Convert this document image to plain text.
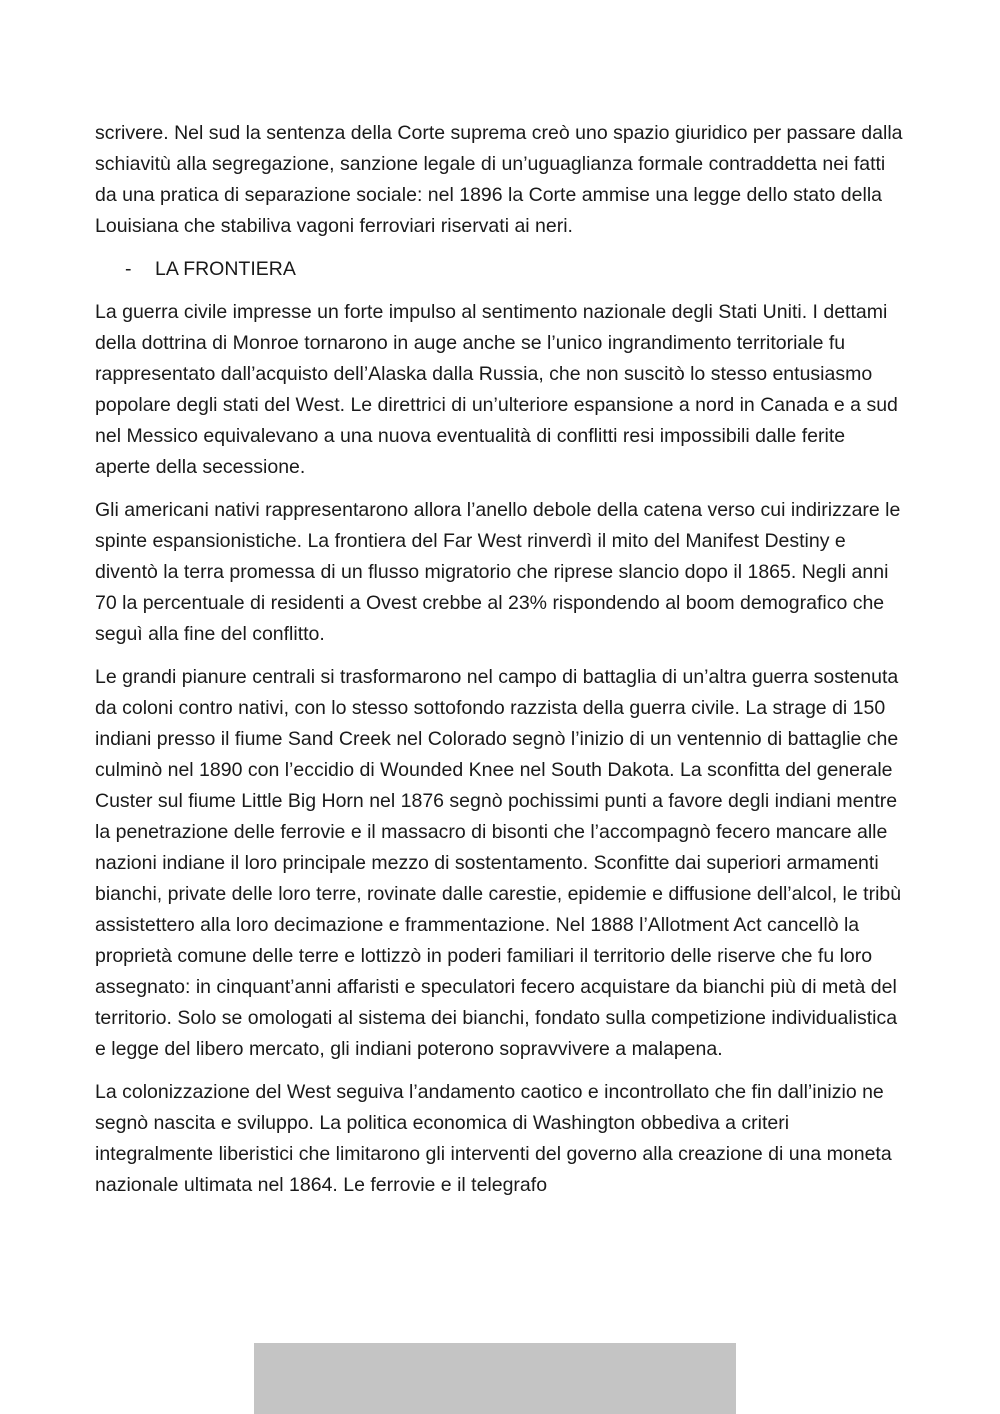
scrivere. Nel sud la sentenza della Corte suprema creò uno spazio giuridico per passare dalla schiavitù alla segregazione, sanzione legale di un’uguaglianza formale contraddetta nei fatti da una pratica di separazione sociale: nel 1896 la Corte ammise una legge dello stato della Louisiana che stabiliva vagoni ferroviari riservati ai neri.

-	LA FRONTIERA

La guerra civile impresse un forte impulso al sentimento nazionale degli Stati Uniti. I dettami della dottrina di Monroe tornarono in auge anche se l’unico ingrandimento territoriale fu rappresentato dall’acquisto dell’Alaska dalla Russia, che non suscitò lo stesso entusiasmo popolare degli stati del West. Le direttrici di un’ulteriore espansione a nord in Canada e a sud nel Messico equivalevano a una nuova eventualità di conflitti resi impossibili dalle ferite aperte della secessione.

Gli americani nativi rappresentarono allora l’anello debole della catena verso cui indirizzare le spinte espansionistiche. La frontiera del Far West rinverdì il mito del Manifest Destiny e diventò la terra promessa di un flusso migratorio che riprese slancio dopo il 1865. Negli anni 70 la percentuale di residenti a Ovest crebbe al 23% rispondendo al boom demografico che seguì alla fine del conflitto.

Le grandi pianure centrali si trasformarono nel campo di battaglia di un’altra guerra sostenuta da coloni contro nativi, con lo stesso sottofondo razzista della guerra civile. La strage di 150 indiani presso il fiume Sand Creek nel Colorado segnò l’inizio di un ventennio di battaglie che culminò nel 1890 con l’eccidio di Wounded Knee nel South Dakota. La sconfitta del generale Custer sul fiume Little Big Horn nel 1876 segnò pochissimi punti a favore degli indiani mentre la penetrazione delle ferrovie e il massacro di bisonti che l’accompagnò fecero mancare alle nazioni indiane il loro principale mezzo di sostentamento. Sconfitte dai superiori armamenti bianchi, private delle loro terre, rovinate dalle carestie, epidemie e diffusione dell’alcol, le tribù assistettero alla loro decimazione e frammentazione. Nel 1888 l’Allotment Act cancellò la proprietà comune delle terre e lottizzò in poderi familiari il territorio delle riserve che fu loro assegnato: in cinquant’anni affaristi e speculatori fecero acquistare da bianchi più di metà del territorio. Solo se omologati al sistema dei bianchi, fondato sulla competizione individualistica e legge del libero mercato, gli indiani poterono sopravvivere a malapena.

La colonizzazione del West seguiva l’andamento caotico e incontrollato che fin dall’inizio ne segnò nascita e sviluppo. La politica economica di Washington obbediva a criteri integralmente liberistici che limitarono gli interventi del governo alla creazione di una moneta nazionale ultimata nel 1864. Le ferrovie e il telegrafo
